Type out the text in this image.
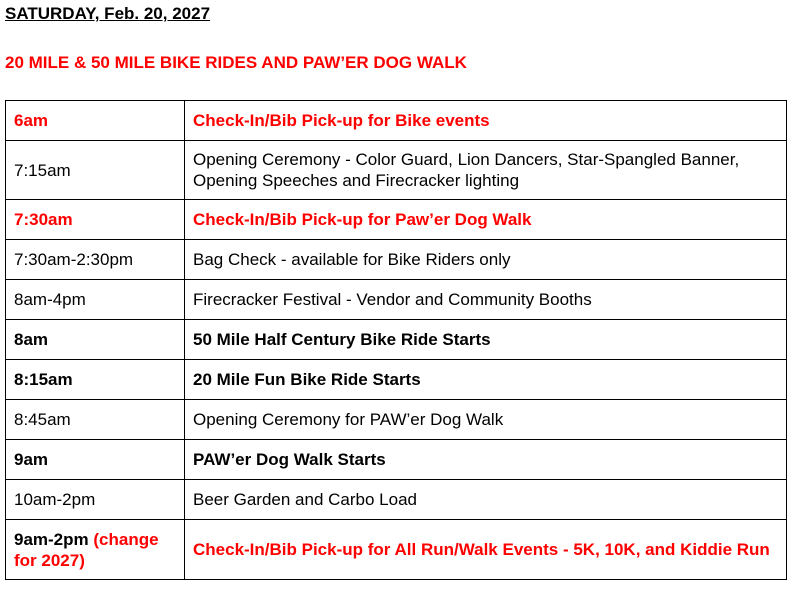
SATURDAY, Feb. 20, 2027
20 MILE & 50 MILE BIKE RIDES AND PAW’ER DOG WALK
6am	Check-In/Bib Pick-up for Bike events
7:15am	Opening Ceremony - Color Guard, Lion Dancers, Star-Spangled Banner, Opening Speeches and Firecracker lighting
7:30am	Check-In/Bib Pick-up for Paw’er Dog Walk
7:30am-2:30pm	Bag Check - available for Bike Riders only
8am-4pm	Firecracker Festival - Vendor and Community Booths
8am	50 Mile Half Century Bike Ride Starts
8:15am	20 Mile Fun Bike Ride Starts
8:45am	Opening Ceremony for PAW’er Dog Walk
9am	PAW’er Dog Walk Starts
10am-2pm	Beer Garden and Carbo Load
9am-2pm (change for 2027)	Check-In/Bib Pick-up for All Run/Walk Events - 5K, 10K, and Kiddie Run
